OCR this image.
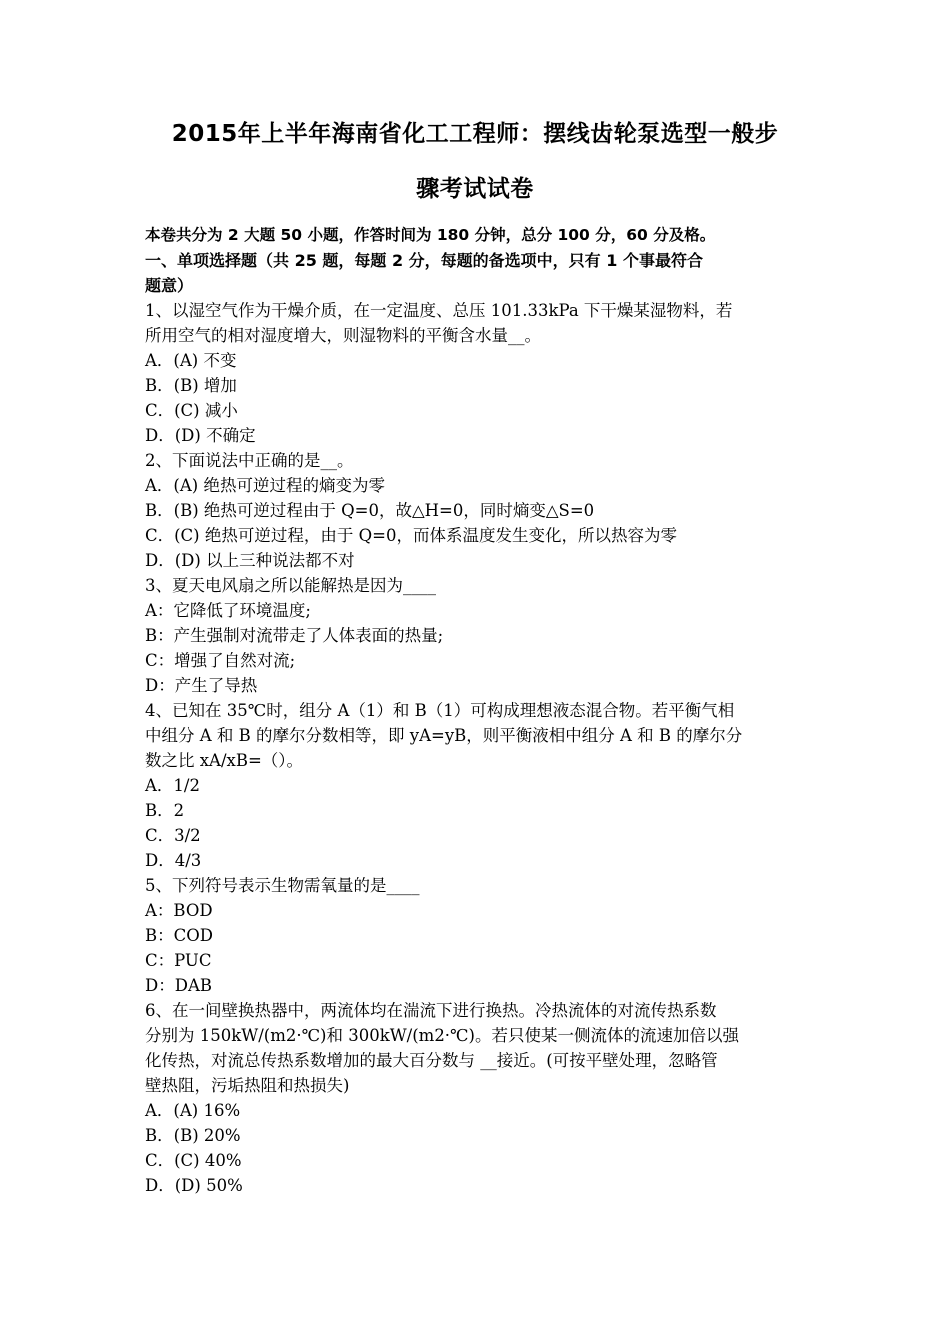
2015年上半年海南省化工工程师：摆线齿轮泵选型一般步
骤考试试卷
本卷共分为 2 大题 50 小题，作答时间为 180 分钟，总分 100 分，60 分及格。
一、单项选择题（共 25 题，每题 2 分，每题的备选项中，只有 1 个事最符合
题意）
1、以湿空气作为干燥介质，在一定温度、总压 101.33kPa 下干燥某湿物料，若
所用空气的相对湿度增大，则湿物料的平衡含水量__。
A．(A) 不变
B．(B) 增加
C．(C) 减小
D．(D) 不确定
2、下面说法中正确的是__。
A．(A) 绝热可逆过程的熵变为零
B．(B) 绝热可逆过程由于 Q=0，故△H=0，同时熵变△S=0
C．(C) 绝热可逆过程，由于 Q=0，而体系温度发生变化，所以热容为零
D．(D) 以上三种说法都不对
3、夏天电风扇之所以能解热是因为____
A：它降低了环境温度;
B：产生强制对流带走了人体表面的热量;
C：增强了自然对流;
D：产生了导热
4、已知在 35℃时，组分 A（1）和 B（1）可构成理想液态混合物。若平衡气相
中组分 A 和 B 的摩尔分数相等，即 yA=yB，则平衡液相中组分 A 和 B 的摩尔分
数之比 xA/xB=（）。
A．1/2
B．2
C．3/2
D．4/3
5、下列符号表示生物需氧量的是____
A：BOD
B：COD
C：PUC
D：DAB
6、在一间壁换热器中，两流体均在湍流下进行换热。冷热流体的对流传热系数
分别为 150kW/(m2·℃)和 300kW/(m2·℃)。若只使某一侧流体的流速加倍以强
化传热，对流总传热系数增加的最大百分数与 __接近。(可按平壁处理，忽略管
壁热阻，污垢热阻和热损失)
A．(A) 16%
B．(B) 20%
C．(C) 40%
D．(D) 50%
